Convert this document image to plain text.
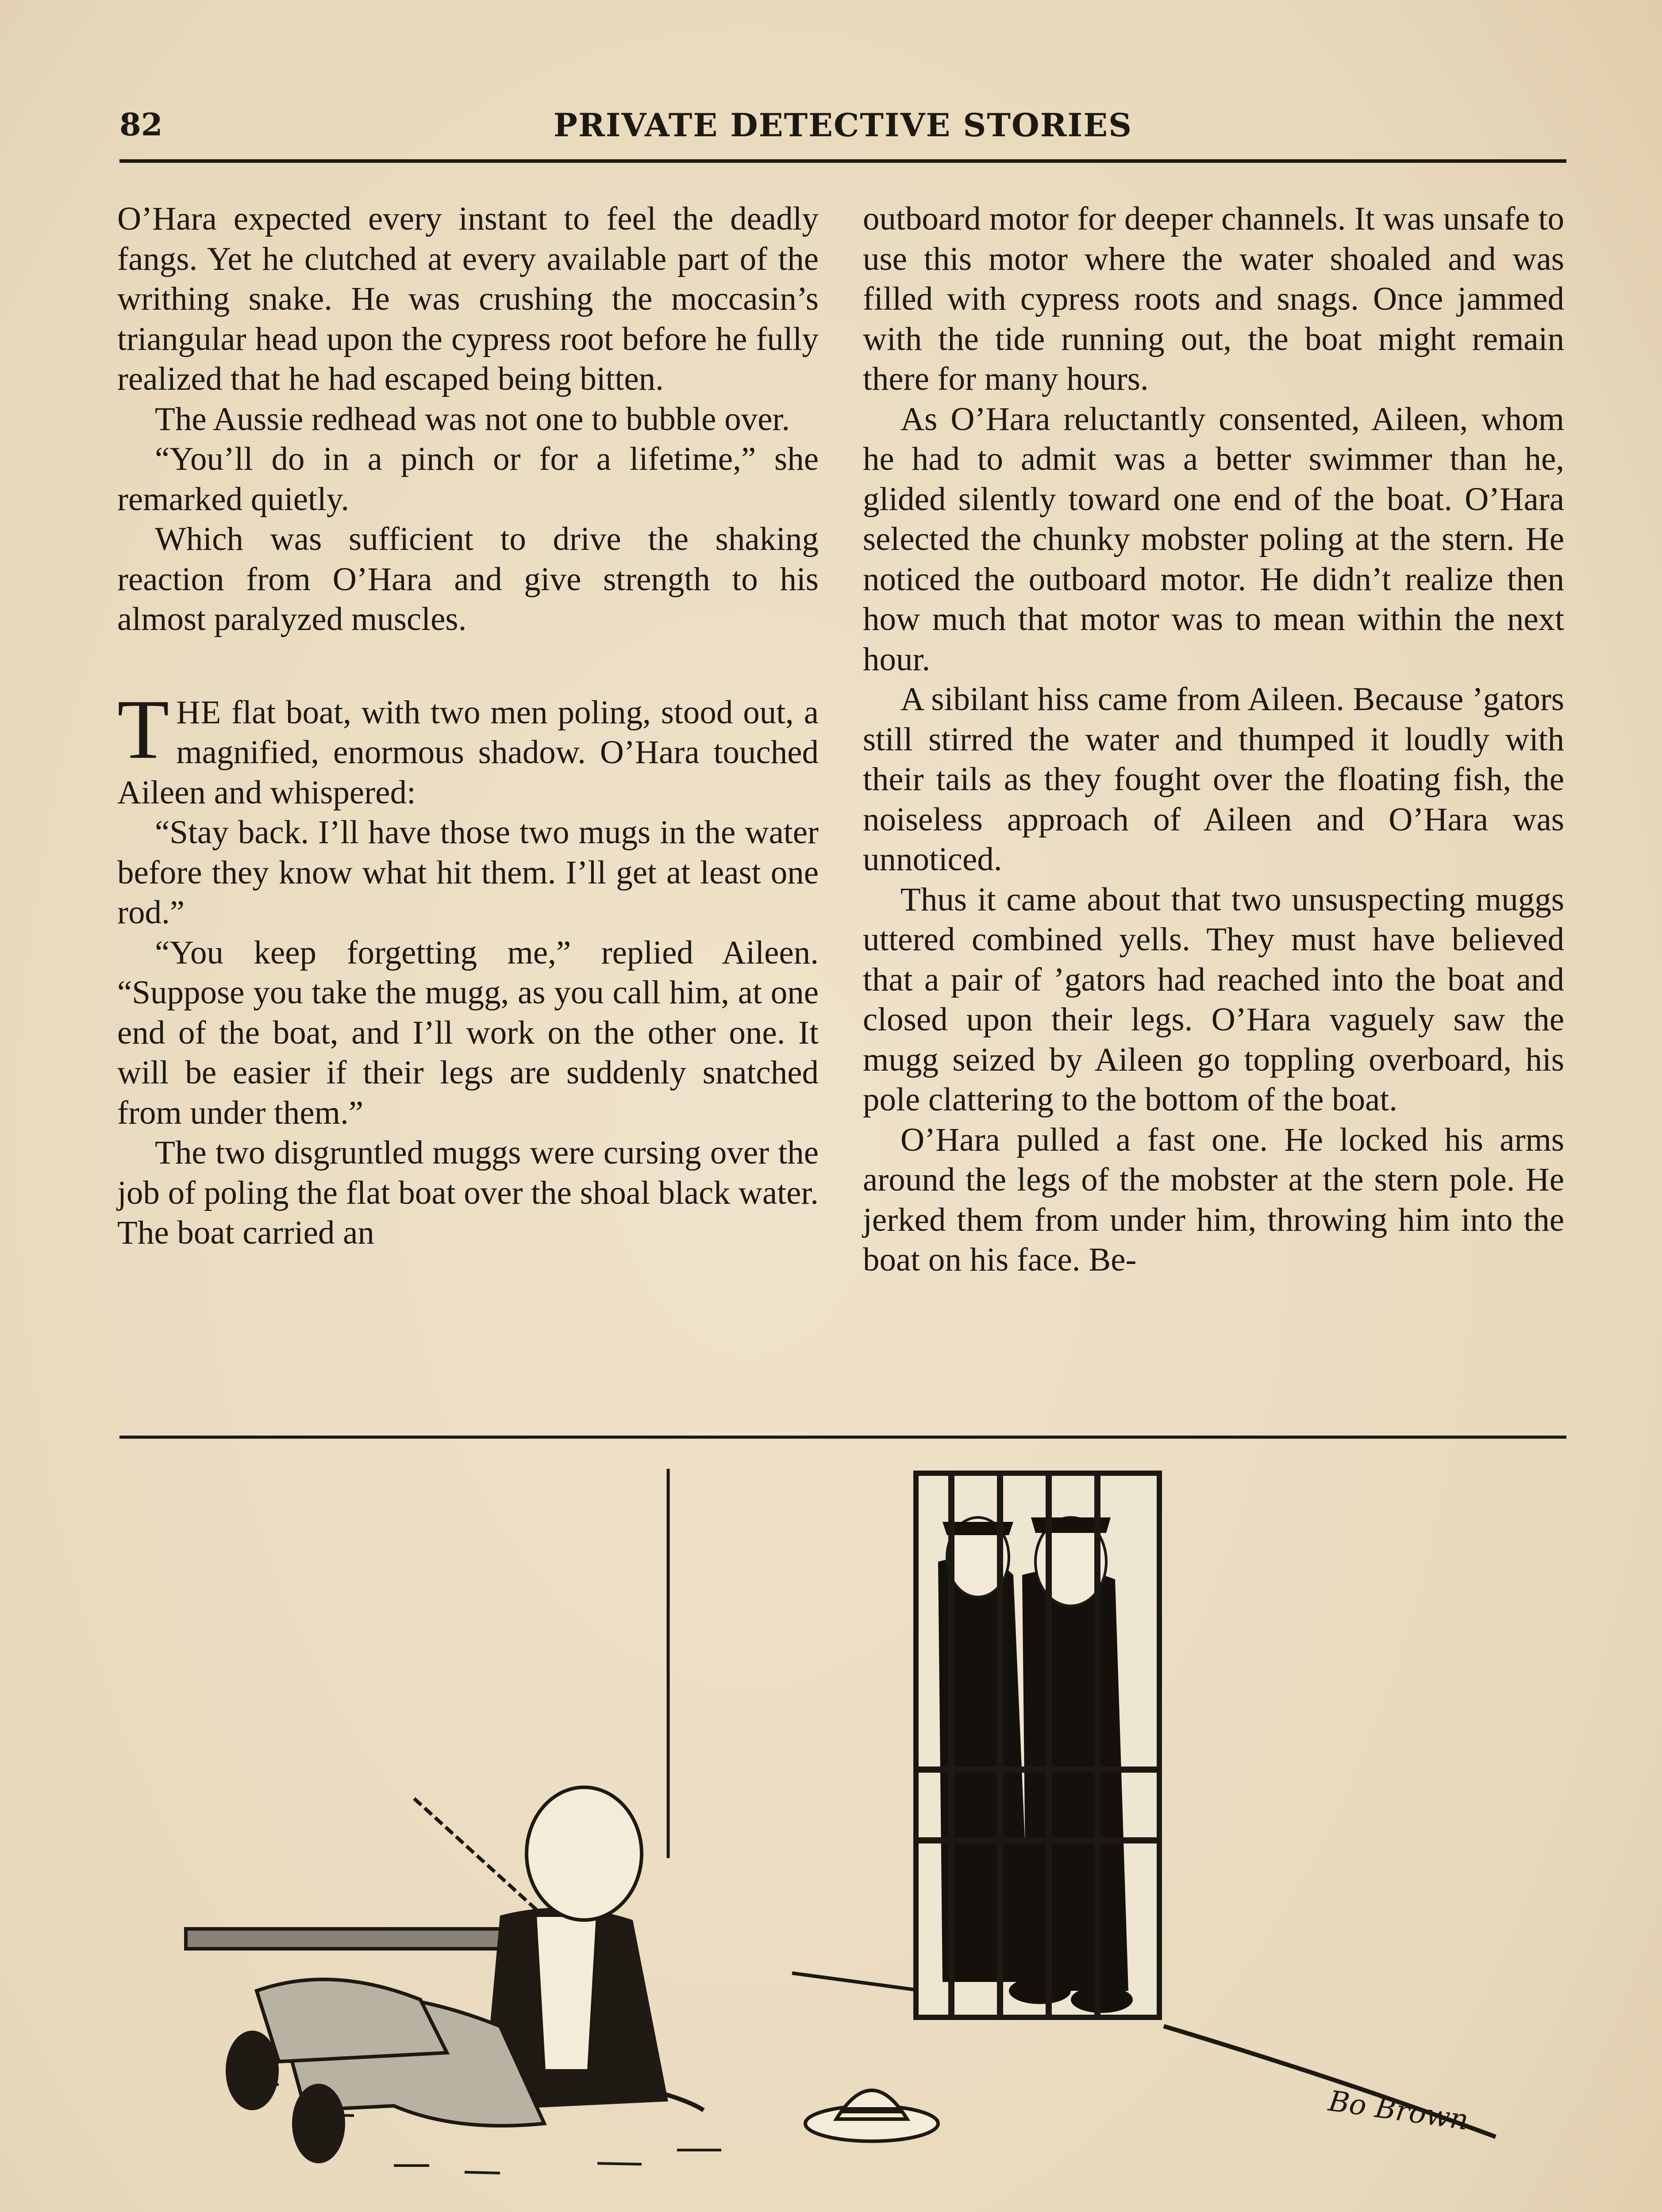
82	PRIVATE DETECTIVE STORIES

O’Hara expected every instant to feel the deadly fangs. Yet he clutched at every available part of the writhing snake. He was crushing the moccasin’s triangular head upon the cypress root before he fully realized that he had escaped being bitten.

The Aussie redhead was not one to bubble over.

“You’ll do in a pinch or for a lifetime,” she remarked quietly.

Which was sufficient to drive the shaking reaction from O’Hara and give strength to his almost paralyzed muscles.

THE flat boat, with two men poling, stood out, a magnified, enormous shadow. O’Hara touched Aileen and whispered:

“Stay back. I’ll have those two mugs in the water before they know what hit them. I’ll get at least one rod.”

“You keep forgetting me,” replied Aileen. “Suppose you take the mugg, as you call him, at one end of the boat, and I’ll work on the other one. It will be easier if their legs are suddenly snatched from under them.”

The two disgruntled muggs were cursing over the job of poling the flat boat over the shoal black water. The boat carried an

outboard motor for deeper channels. It was unsafe to use this motor where the water shoaled and was filled with cypress roots and snags. Once jammed with the tide running out, the boat might remain there for many hours.

As O’Hara reluctantly consented, Aileen, whom he had to admit was a better swimmer than he, glided silently toward one end of the boat. O’Hara selected the chunky mobster poling at the stern. He noticed the outboard motor. He didn’t realize then how much that motor was to mean within the next hour.

A sibilant hiss came from Aileen. Because ’gators still stirred the water and thumped it loudly with their tails as they fought over the floating fish, the noiseless approach of Aileen and O’Hara was unnoticed.

Thus it came about that two unsuspecting muggs uttered combined yells. They must have believed that a pair of ’gators had reached into the boat and closed upon their legs. O’Hara vaguely saw the mugg seized by Aileen go toppling overboard, his pole clattering to the bottom of the boat.

O’Hara pulled a fast one. He locked his arms around the legs of the mobster at the stern pole. He jerked them from under him, throwing him into the boat on his face. Be-

Bo Brown
